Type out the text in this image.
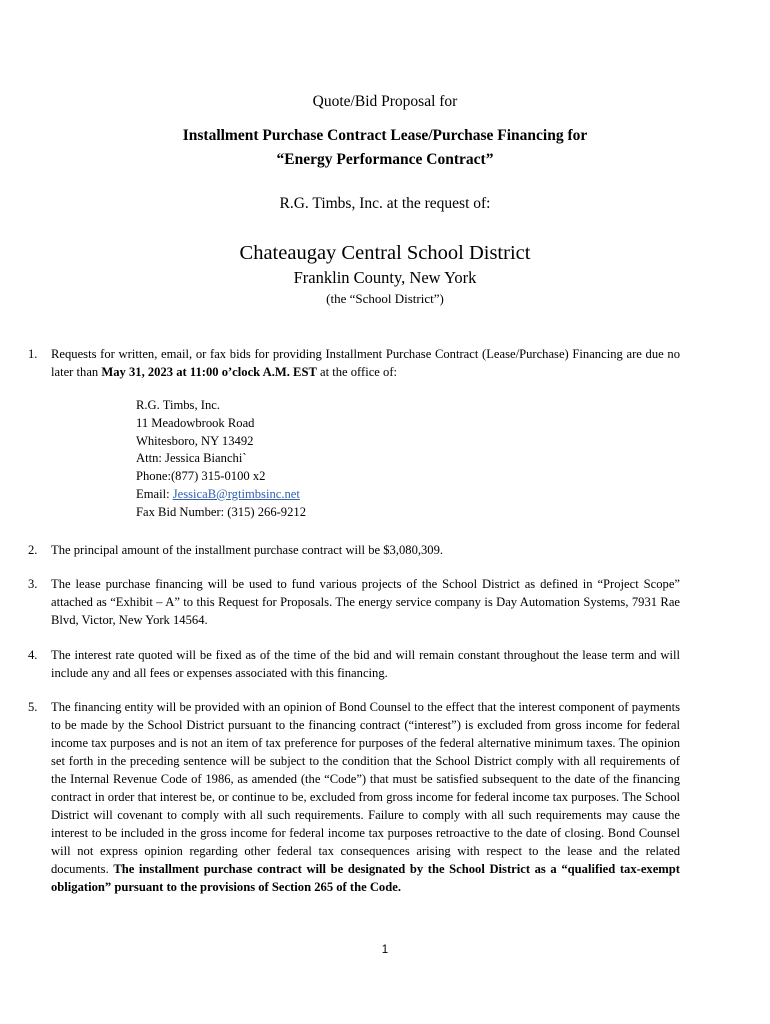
Quote/Bid Proposal for
Installment Purchase Contract Lease/Purchase Financing for
“Energy Performance Contract”
R.G. Timbs, Inc. at the request of:
Chateaugay Central School District
Franklin County, New York
(the “School District”)
1.	Requests for written, email, or fax bids for providing Installment Purchase Contract (Lease/Purchase) Financing are due no later than May 31, 2023 at 11:00 o’clock A.M. EST at the office of:
R.G. Timbs, Inc.
11 Meadowbrook Road
Whitesboro, NY 13492
Attn: Jessica Bianchi`
Phone:(877) 315-0100 x2
Email: JessicaB@rgtimbsinc.net
Fax Bid Number: (315) 266-9212
2.	The principal amount of the installment purchase contract will be $3,080,309.
3.	The lease purchase financing will be used to fund various projects of the School District as defined in “Project Scope” attached as “Exhibit – A” to this Request for Proposals. The energy service company is Day Automation Systems, 7931 Rae Blvd, Victor, New York 14564.
4.	The interest rate quoted will be fixed as of the time of the bid and will remain constant throughout the lease term and will include any and all fees or expenses associated with this financing.
5.	The financing entity will be provided with an opinion of Bond Counsel to the effect that the interest component of payments to be made by the School District pursuant to the financing contract (“interest”) is excluded from gross income for federal income tax purposes and is not an item of tax preference for purposes of the federal alternative minimum taxes. The opinion set forth in the preceding sentence will be subject to the condition that the School District comply with all requirements of the Internal Revenue Code of 1986, as amended (the “Code”) that must be satisfied subsequent to the date of the financing contract in order that interest be, or continue to be, excluded from gross income for federal income tax purposes. The School District will covenant to comply with all such requirements. Failure to comply with all such requirements may cause the interest to be included in the gross income for federal income tax purposes retroactive to the date of closing. Bond Counsel will not express opinion regarding other federal tax consequences arising with respect to the lease and the related documents. The installment purchase contract will be designated by the School District as a “qualified tax-exempt obligation” pursuant to the provisions of Section 265 of the Code.
1
